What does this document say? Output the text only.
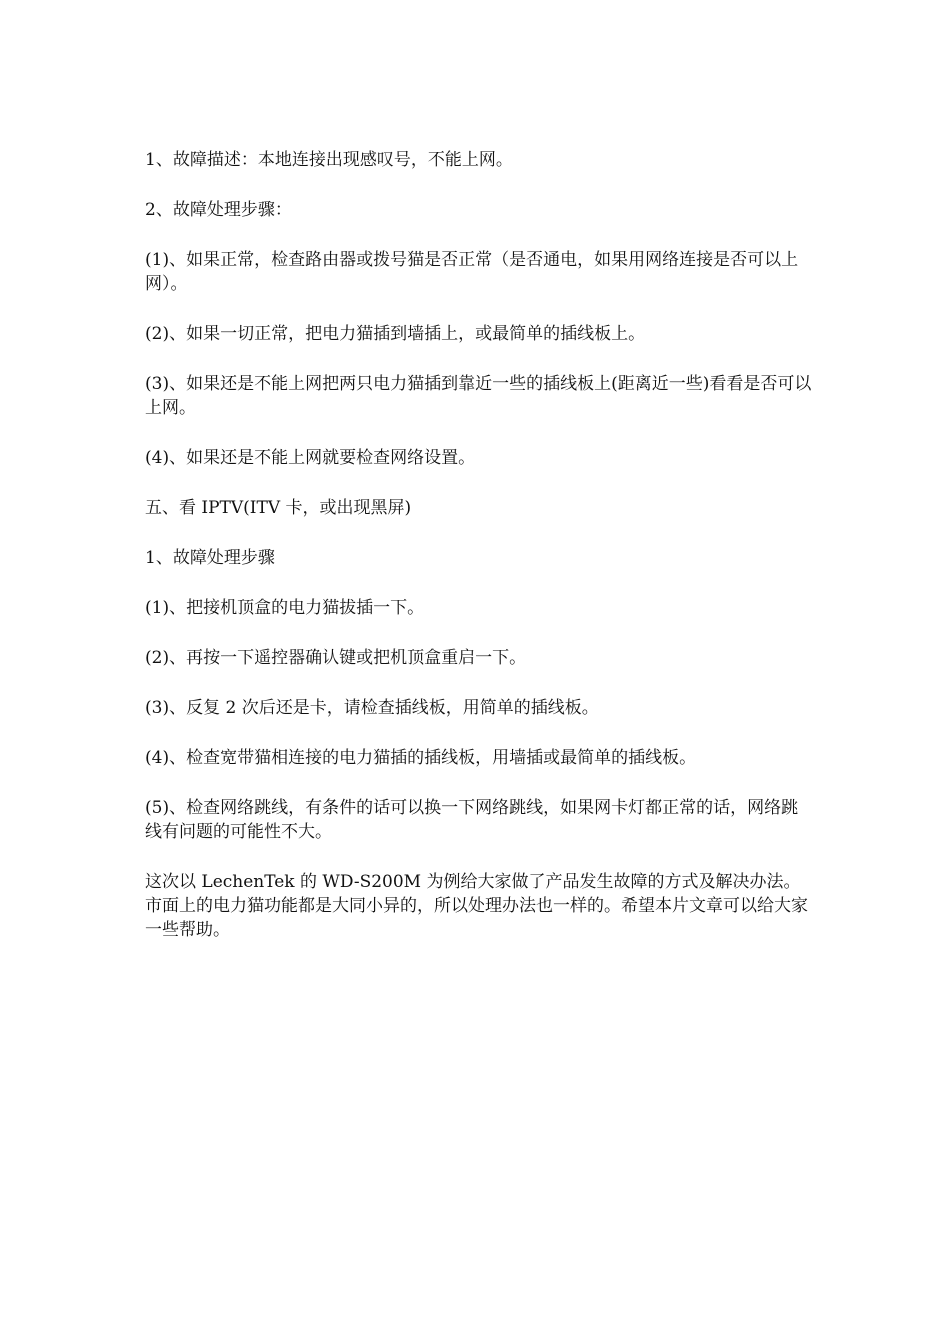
1、故障描述：本地连接出现感叹号，不能上网。

2、故障处理步骤：

(1)、如果正常，检查路由器或拨号猫是否正常（是否通电，如果用网络连接是否可以上网）。

(2)、如果一切正常，把电力猫插到墙插上，或最简单的插线板上。

(3)、如果还是不能上网把两只电力猫插到靠近一些的插线板上(距离近一些)看看是否可以上网。

(4)、如果还是不能上网就要检查网络设置。

五、看 IPTV(ITV 卡，或出现黑屏)

1、故障处理步骤

(1)、把接机顶盒的电力猫拔插一下。

(2)、再按一下遥控器确认键或把机顶盒重启一下。

(3)、反复 2 次后还是卡，请检查插线板，用简单的插线板。

(4)、检查宽带猫相连接的电力猫插的插线板，用墙插或最简单的插线板。

(5)、检查网络跳线，有条件的话可以换一下网络跳线，如果网卡灯都正常的话，网络跳线有问题的可能性不大。

这次以 LechenTek 的 WD-S200M 为例给大家做了产品发生故障的方式及解决办法。市面上的电力猫功能都是大同小异的，所以处理办法也一样的。希望本片文章可以给大家一些帮助。
